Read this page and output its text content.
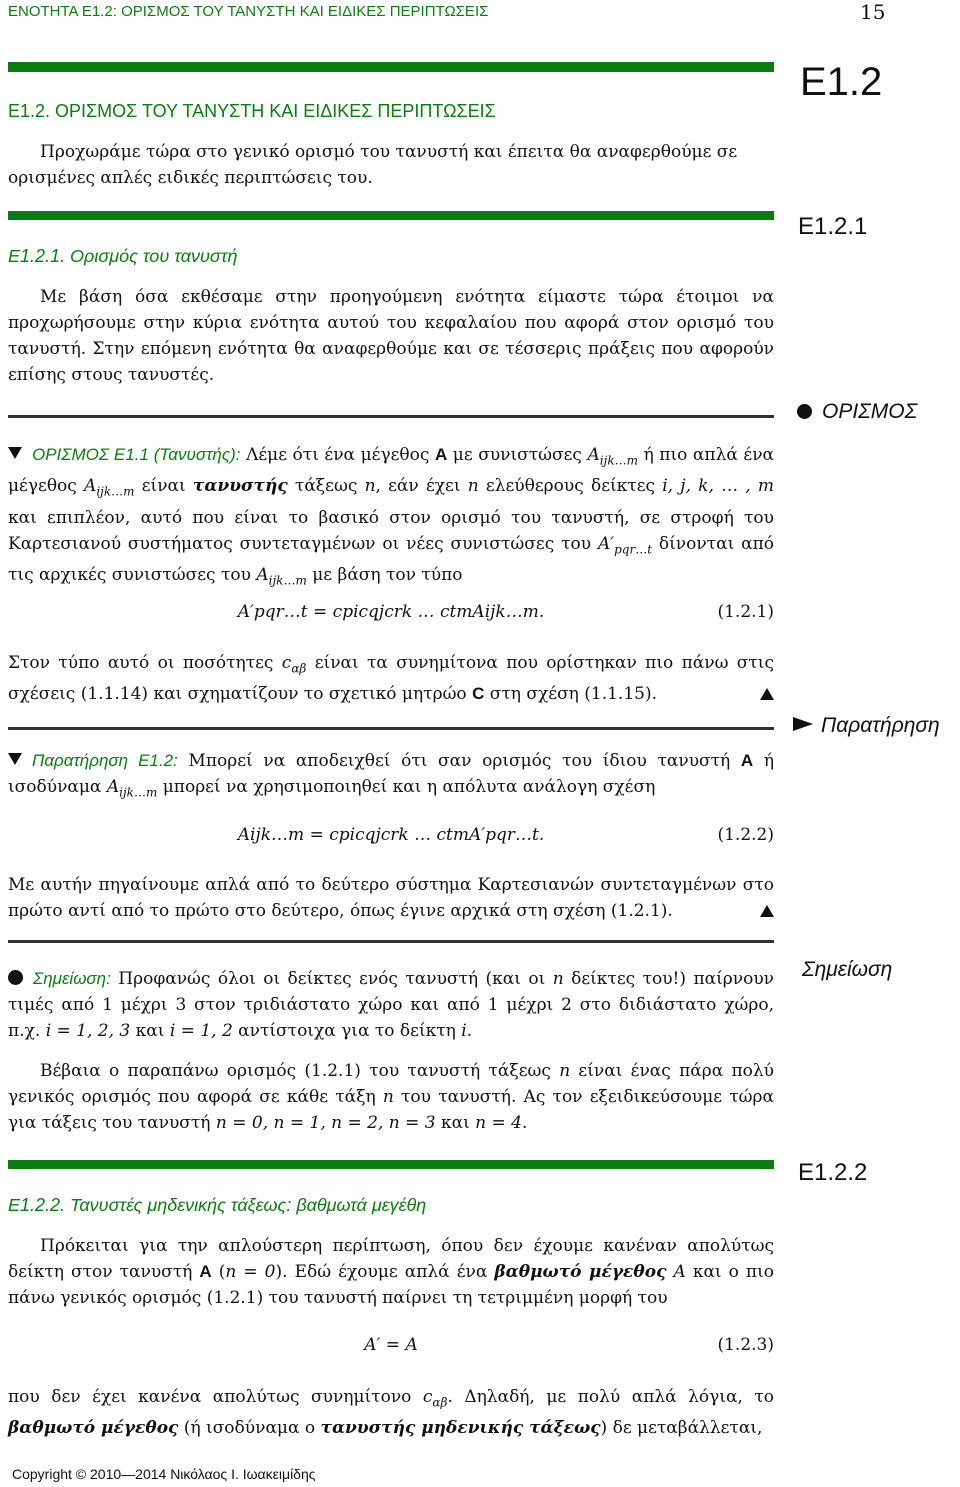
ΕΝΟΤΗΤΑ Ε1.2: ΟΡΙΣΜΟΣ ΤΟΥ ΤΑΝΥΣΤΗ ΚΑΙ ΕΙΔΙΚΕΣ ΠΕΡΙΠΤΩΣΕΙΣ	15
Ε1.2
Ε1.2. ΟΡΙΣΜΟΣ ΤΟΥ ΤΑΝΥΣΤΗ ΚΑΙ ΕΙΔΙΚΕΣ ΠΕΡΙΠΤΩΣΕΙΣ
Προχωράμε τώρα στο γενικό ορισμό του τανυστή και έπειτα θα αναφερθούμε σε ορισμένες απλές ειδικές περιπτώσεις του.
Ε1.2.1
Ε1.2.1. Ορισμός του τανυστή
Με βάση όσα εκθέσαμε στην προηγούμενη ενότητα είμαστε τώρα έτοιμοι να προχωρήσουμε στην κύρια ενότητα αυτού του κεφαλαίου που αφορά στον ορισμό του τανυστή. Στην επόμενη ενότητα θα αναφερθούμε και σε τέσσερις πράξεις που αφορούν επίσης στους τανυστές.
ΟΡΙΣΜΟΣ
ΟΡΙΣΜΟΣ Ε1.1 (Τανυστής): Λέμε ότι ένα μέγεθος A με συνιστώσες $A_{ijk\dots m}$ ή πιο απλά ένα μέγεθος $A_{ijk\dots m}$ είναι τανυστής τάξεως n, εάν έχει n ελεύθερους δείκτες i, j, k, … , m και επιπλέον, αυτό που είναι το βασικό στον ορισμό του τανυστή, σε στροφή του Καρτεσιανού συστήματος συντεταγμένων οι νέες συνιστώσες του $A'_{pqr\dots t}$ δίνονται από τις αρχικές συνιστώσες του $A_{ijk\dots m}$ με βάση τον τύπο
A′pqr…t = cpicqjcrk … ctmAijk…m.	(1.2.1)
Στον τύπο αυτό οι ποσότητες $c_{\alpha\beta}$ είναι τα συνημίτονα που ορίστηκαν πιο πάνω στις σχέσεις (1.1.14) και σχηματίζουν το σχετικό μητρώο C στη σχέση (1.1.15).
Παρατήρηση
Παρατήρηση Ε1.2: Μπορεί να αποδειχθεί ότι σαν ορισμός του ίδιου τανυστή A ή ισοδύναμα $A_{ijk\dots m}$ μπορεί να χρησιμοποιηθεί και η απόλυτα ανάλογη σχέση
Aijk…m = cpicqjcrk … ctmA′pqr…t.	(1.2.2)
Με αυτήν πηγαίνουμε απλά από το δεύτερο σύστημα Καρτεσιανών συντεταγμένων στο πρώτο αντί από το πρώτο στο δεύτερο, όπως έγινε αρχικά στη σχέση (1.2.1).
Σημείωση
Σημείωση: Προφανώς όλοι οι δείκτες ενός τανυστή (και οι n δείκτες του!) παίρνουν τιμές από 1 μέχρι 3 στον τριδιάστατο χώρο και από 1 μέχρι 2 στο διδιάστατο χώρο, π.χ. i = 1, 2, 3 και i = 1, 2 αντίστοιχα για το δείκτη i.
Βέβαια ο παραπάνω ορισμός (1.2.1) του τανυστή τάξεως n είναι ένας πάρα πολύ γενικός ορισμός που αφορά σε κάθε τάξη n του τανυστή. Ας τον εξειδικεύσουμε τώρα για τάξεις του τανυστή n = 0, n = 1, n = 2, n = 3 και n = 4.
Ε1.2.2
Ε1.2.2. Τανυστές μηδενικής τάξεως: βαθμωτά μεγέθη
Πρόκειται για την απλούστερη περίπτωση, όπου δεν έχουμε κανέναν απολύτως δείκτη στον τανυστή A (n = 0). Εδώ έχουμε απλά ένα βαθμωτό μέγεθος A και ο πιο πάνω γενικός ορισμός (1.2.1) του τανυστή παίρνει τη τετριμμένη μορφή του
A′ = A	(1.2.3)
που δεν έχει κανένα απολύτως συνημίτονο $c_{\alpha\beta}$. Δηλαδή, με πολύ απλά λόγια, το βαθμωτό μέγεθος (ή ισοδύναμα ο τανυστής μηδενικής τάξεως) δε μεταβάλλεται,
Copyright © 2010—2014 Νικόλαος Ι. Ιωακειμίδης
